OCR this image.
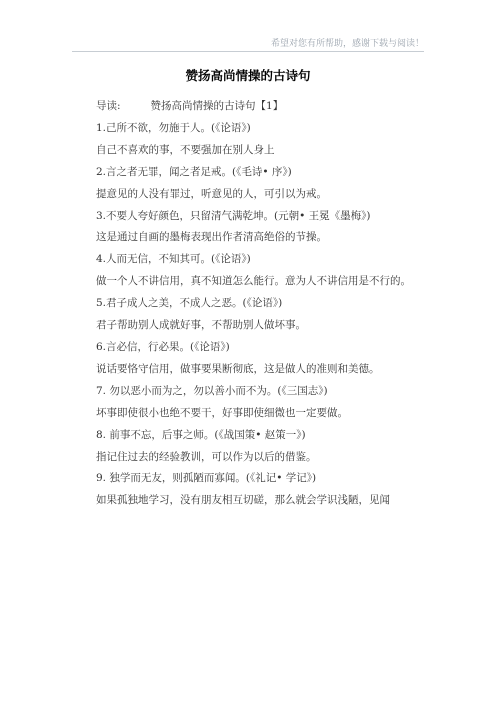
希望对您有所帮助，感谢下载与阅读！
赞扬高尚情操的古诗句

导读:	赞扬高尚情操的古诗句【1】

1.己所不欲，勿施于人。(《论语》)

自己不喜欢的事，不要强加在别人身上

2.言之者无罪，闻之者足戒。(《毛诗• 序》)

提意见的人没有罪过，听意见的人，可引以为戒。

3.不要人夸好颜色，只留清气满乾坤。(元朝• 王冕《墨梅》)

这是通过自画的墨梅表现出作者清高绝俗的节操。

4.人而无信，不知其可。(《论语》)

做一个人不讲信用，真不知道怎么能行。意为人不讲信用是不行的。

5.君子成人之美，不成人之恶。(《论语》)

君子帮助别人成就好事，不帮助别人做坏事。

6.言必信，行必果。(《论语》)

说话要恪守信用，做事要果断彻底，这是做人的准则和美德。

7. 勿以恶小而为之，勿以善小而不为。(《三国志》)

坏事即使很小也绝不要干，好事即使细微也一定要做。

8. 前事不忘，后事之师。(《战国策• 赵策一》)

指记住过去的经验教训，可以作为以后的借鉴。

9. 独学而无友，则孤陋而寡闻。(《礼记• 学记》)

如果孤独地学习，没有朋友相互切磋，那么就会学识浅陋，见闻
